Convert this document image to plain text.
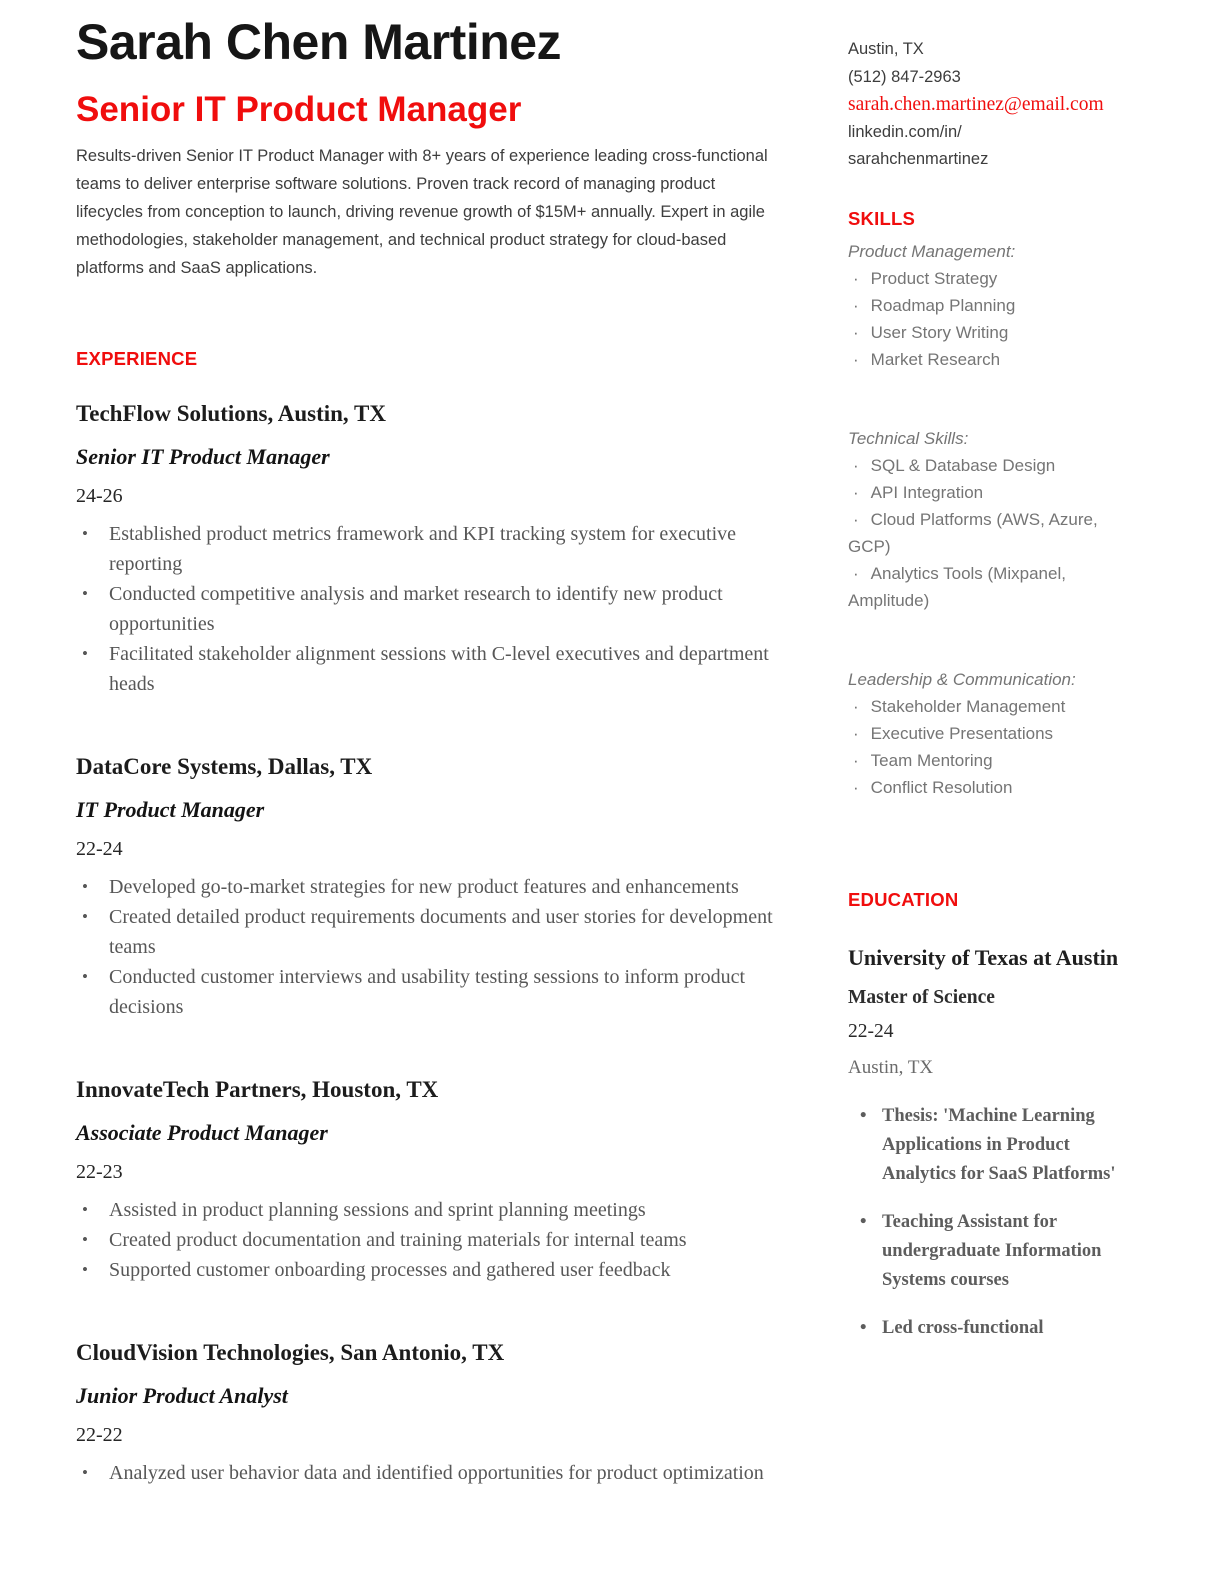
Sarah Chen Martinez
Senior IT Product Manager

Results-driven Senior IT Product Manager with 8+ years of experience leading cross-functional teams to deliver enterprise software solutions. Proven track record of managing product lifecycles from conception to launch, driving revenue growth of $15M+ annually. Expert in agile methodologies, stakeholder management, and technical product strategy for cloud-based platforms and SaaS applications.

EXPERIENCE
TechFlow Solutions, Austin, TX
Senior IT Product Manager
24-26
•	Established product metrics framework and KPI tracking system for executive reporting
•	Conducted competitive analysis and market research to identify new product opportunities
•	Facilitated stakeholder alignment sessions with C-level executives and department heads
DataCore Systems, Dallas, TX
IT Product Manager
22-24
•	Developed go-to-market strategies for new product features and enhancements
•	Created detailed product requirements documents and user stories for development teams
•	Conducted customer interviews and usability testing sessions to inform product decisions
InnovateTech Partners, Houston, TX
Associate Product Manager
22-23
•	Assisted in product planning sessions and sprint planning meetings
•	Created product documentation and training materials for internal teams
•	Supported customer onboarding processes and gathered user feedback
CloudVision Technologies, San Antonio, TX
Junior Product Analyst
22-22
•	Analyzed user behavior data and identified opportunities for product optimization
Austin, TX
(512) 847-2963
sarah.chen.martinez@email.com
linkedin.com/in/
sarahchenmartinez
SKILLS
Product Management:
· Product Strategy
· Roadmap Planning
· User Story Writing
· Market Research
Technical Skills:
· SQL & Database Design
· API Integration
· Cloud Platforms (AWS, Azure, GCP)
· Analytics Tools (Mixpanel, Amplitude)
Leadership & Communication:
· Stakeholder Management
· Executive Presentations
· Team Mentoring
· Conflict Resolution
EDUCATION
University of Texas at Austin
Master of Science
22-24
Austin, TX
• Thesis: 'Machine Learning Applications in Product Analytics for SaaS Platforms'
• Teaching Assistant for undergraduate Information Systems courses
• Led cross-functional
